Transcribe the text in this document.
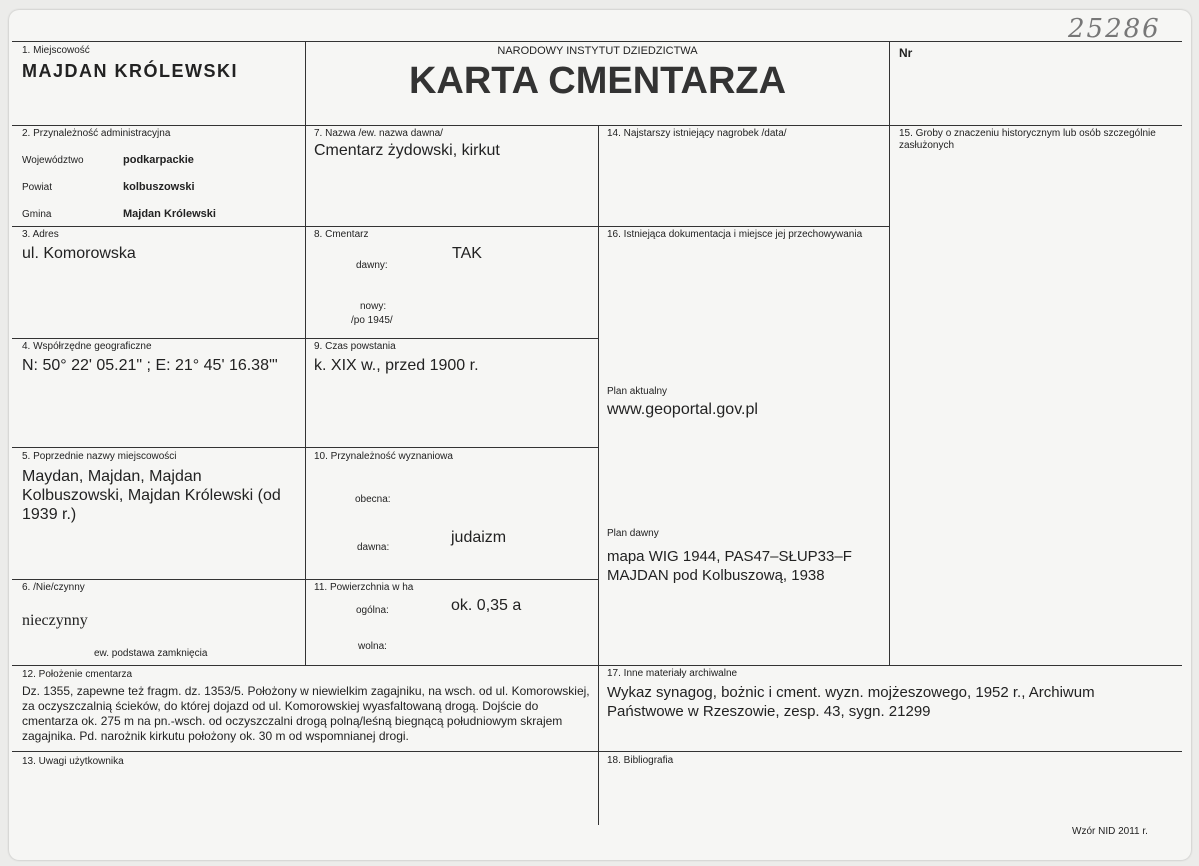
25286
1. Miejscowość
MAJDAN KRÓLEWSKI
NARODOWY INSTYTUT DZIEDZICTWA
KARTA CMENTARZA
Nr
2. Przynależność administracyjna
Województwo	podkarpackie
Powiat	kolbuszowski
Gmina	Majdan Królewski
3. Adres
ul. Komorowska
4. Współrzędne geograficzne
N: 50° 22' 05.21" ; E: 21° 45' 16.38'"
5. Poprzednie nazwy miejscowości
Maydan, Majdan, Majdan Kolbuszowski, Majdan Królewski (od 1939 r.)
6. /Nie/czynny
nieczynny
ew. podstawa zamknięcia
7. Nazwa /ew. nazwa dawna/
Cmentarz żydowski, kirkut
8. Cmentarz
dawny:
TAK
nowy:
/po 1945/
9. Czas powstania
k. XIX w., przed 1900 r.
10. Przynależność wyznaniowa
obecna:
dawna:
judaizm
11. Powierzchnia w ha
ogólna:	ok. 0,35 a
wolna:
14. Najstarszy istniejący nagrobek /data/	15. Groby o znaczeniu historycznym lub osób szczególnie zasłużonych
16. Istniejąca dokumentacja i miejsce jej przechowywania
Plan aktualny
www.geoportal.gov.pl
Plan dawny
mapa WIG 1944, PAS47–SŁUP33–F MAJDAN pod Kolbuszową, 1938
12. Położenie cmentarza
Dz. 1355, zapewne też fragm. dz. 1353/5. Położony w niewielkim zagajniku, na wsch. od ul. Komorowskiej, za oczyszczalnią ścieków, do której dojazd od ul. Komorowskiej wyasfaltowaną drogą. Dojście do cmentarza ok. 275 m na pn.-wsch. od oczyszczalni drogą polną/leśną biegnącą południowym skrajem zagajnika. Pd. narożnik kirkutu położony ok. 30 m od wspomnianej drogi.
17. Inne materiały archiwalne
Wykaz synagog, bożnic i cment. wyzn. mojżeszowego, 1952 r., Archiwum Państwowe w Rzeszowie, zesp. 43, sygn. 21299
13. Uwagi użytkownika	18. Bibliografia
Wzór NID 2011 r.
